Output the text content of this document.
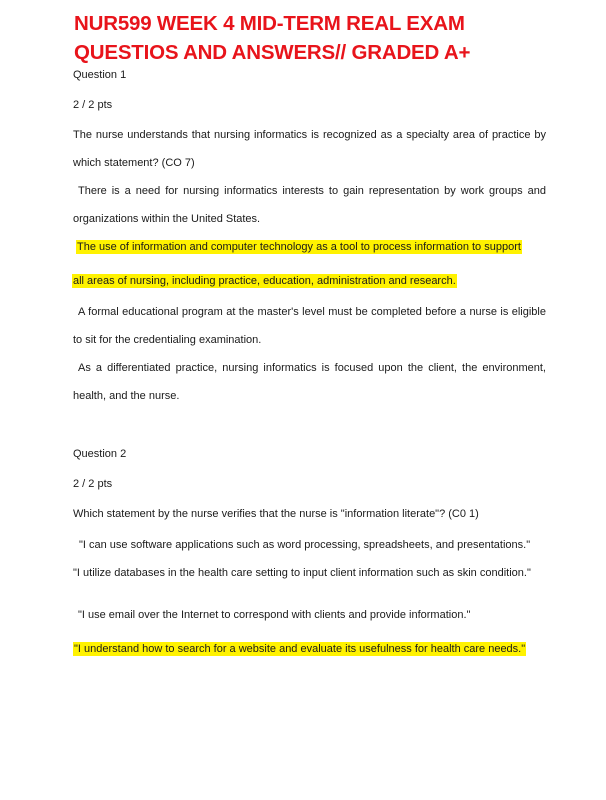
NUR599 WEEK 4 MID-TERM REAL EXAM QUESTIOS AND ANSWERS// GRADED A+
Question 1
2 / 2 pts
The nurse understands that nursing informatics is recognized as a specialty area of practice by
which statement? (CO 7)
There is a need for nursing informatics interests to gain representation by work groups and
organizations within the United States.
The use of information and computer technology as a tool to process information to support
all areas of nursing, including practice, education, administration and research.
A formal educational program at the master's level must be completed before a nurse is eligible
to sit for the credentialing examination.
As a differentiated practice, nursing informatics is focused upon the client, the environment,
health, and the nurse.
Question 2
2 / 2 pts
Which statement by the nurse verifies that the nurse is "information literate"? (C0 1)
"I can use software applications such as word processing, spreadsheets, and presentations."
"I utilize databases in the health care setting to input client information such as skin condition."
"I use email over the Internet to correspond with clients and provide information."
"I understand how to search for a website and evaluate its usefulness for health care needs."
